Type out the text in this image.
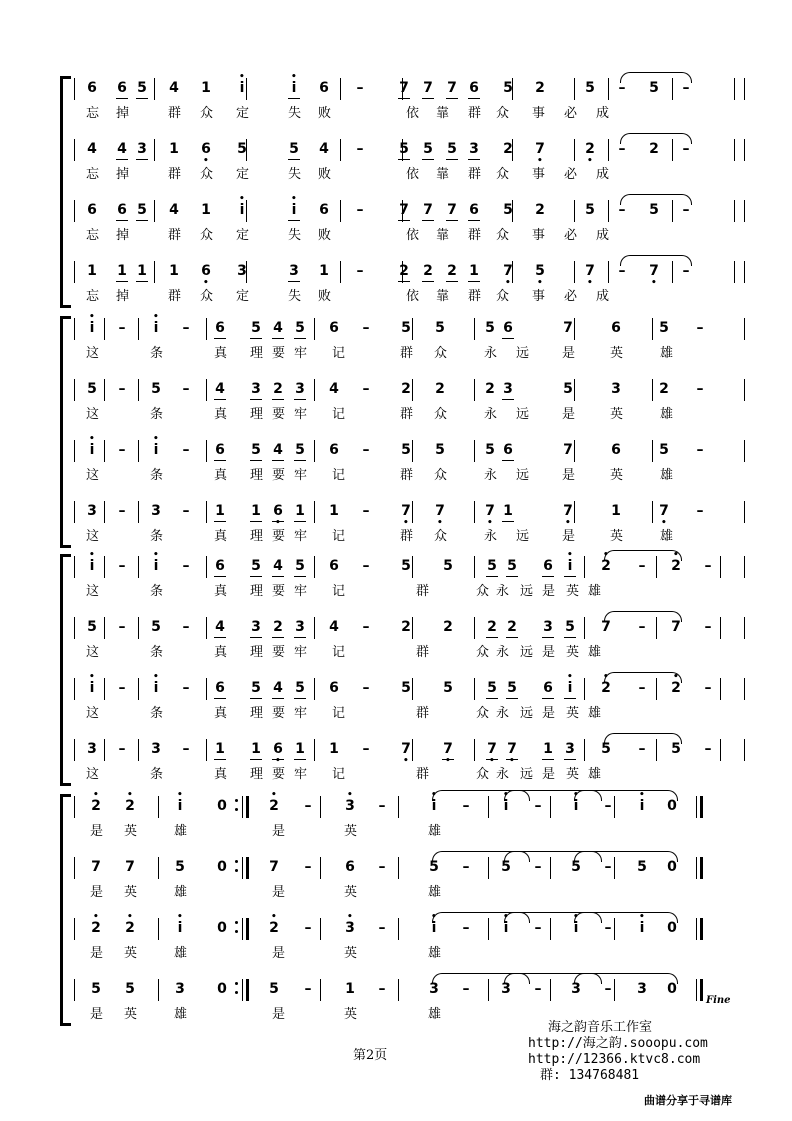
6 6 5 4 1 • i	• i 6 –	7 7 7 6 5 2	5 – 5 –
忘 掉	群 众 定	失 败	依 靠 群 众 事 必 成
4 4 3 1 • 6 5	5 4 –	5 5 5 3 2 • 7	• 2 – 2 –
忘 掉	群 众 定	失 败	依 靠 群 众 事 必 成
6 6 5 4 1 • i	• i 6 –	7 7 7 6 5 2	5 – 5 –
忘 掉	群 众 定	失 败	依 靠 群 众 事 必 成
1 1 1 1 • 6 3	3 1 –	2 2 2 1 • 7 • 5	• 7 – • 7 –
忘 掉	群 众 定	失 败	依 靠 群 众 事 必 成
• i – • i – 6 5 4 5 6 – 5 5	5 6	7	6	5 –
这	条	真 理 要 牢 记	群 众	永 远	是	英	雄
5 – 5 – 4 3 2 3 4 – 2 2	2 3	5	3	2 –
这	条	真 理 要 牢 记	群 众	永 远	是	英	雄
• i – • i – 6 5 4 5 6 – 5 5	5 6	7	6	5 –
这	条	真 理 要 牢 记	群 众	永 远	是	英	雄
3 – 3 – 1 1 • 6 1 1 – • 7 • 7	• 7 1	• 7	1	• 7 –
这	条	真 理 要 牢 记	群 众	永 远	是	英	雄
• i – • i – 6 5 4 5 6 – 5 5 5 5 6 • i • 2 – • 2 –
这	条	真 理 要 牢 记	群	众 永 远 是 英 雄
5 – 5 – 4 3 2 3 4 – 2 2 2 2 3 5 7 – 7 –
这	条	真 理 要 牢 记	群	众 永 远 是 英 雄
• i – • i – 6 5 4 5 6 – 5 5 5 5 6 • i • 2 – • 2 –
这	条	真 理 要 牢 记	群	众 永 远 是 英 雄
3 – 3 – 1 1 • 6 1 1 – • 7 • 7 • 7 • 7 1 3 5 – 5 –
这	条	真 理 要 牢 记	群	众 永 远 是 英 雄
• 2 • 2	• i 0	• 2 – • 3 –	• i – • i – • i – • i 0
是 英	雄	是	英	雄
7 7	5 0	7 – 6 –	5 – 5 – 5 – 5 0
是 英	雄	是	英	雄
• 2 • 2	• i 0	• 2 – • 3 –	• i – • i – • i – • i 0
是 英	雄	是	英	雄
5 5	3 0	5 – 1 –	3 – 3 – 3 – 3 0
Fine
是 英	雄	是	英	雄
第2页
海之韵音乐工作室
http://海之韵.sooopu.com
http://12366.ktvc8.com
群: 134768481
曲谱分享于寻谱库
